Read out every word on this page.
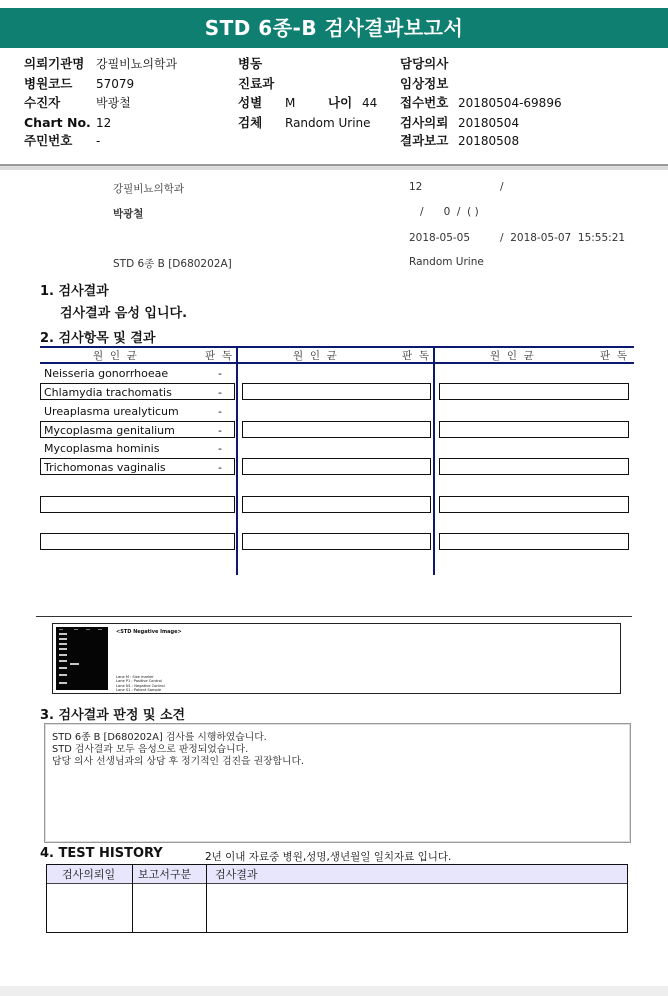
STD 6종-B 검사결과보고서
의뢰기관명 강필비뇨의학과
병원코드 57079
수진자	박광철
Chart No. 12
주민번호 -
병동
진료과
성별 M	나이 44
검체 Random Urine
담당의사
임상정보
접수번호 20180504-69896
검사의뢰 20180504
결과보고 20180508
강필비뇨의학과	12	/
박광철	/      0  /  ( )
2018-05-05	/  2018-05-07  15:55:21
STD 6종 B [D680202A]	Random Urine
1. 검사결과
검사결과 음성 입니다.
2. 검사항목 및 결과
원  인  균	판  독	원  인  균	판  독	원  인  균	판  독
Neisseria gonorrhoeae	-
Chlamydia trachomatis	-
Ureaplasma urealyticum	-
Mycoplasma genitalium	-
Mycoplasma hominis	-
Trichomonas vaginalis	-
<STD Negative Image>
Lane M : Size marker
Lane P1 : Positive Control
Lane N1 : Negative Control
Lane S1 : Patient Sample
3. 검사결과 판정 및 소견
STD 6종 B [D680202A] 검사를 시행하였습니다.
STD 검사결과 모두 음성으로 판정되었습니다.
담당 의사 선생님과의 상담 후 정기적인 검진을 권장합니다.
4. TEST HISTORY	2년 이내 자료중 병원,성명,생년월일 일치자료 입니다.
검사의뢰일 보고서구분 검사결과
